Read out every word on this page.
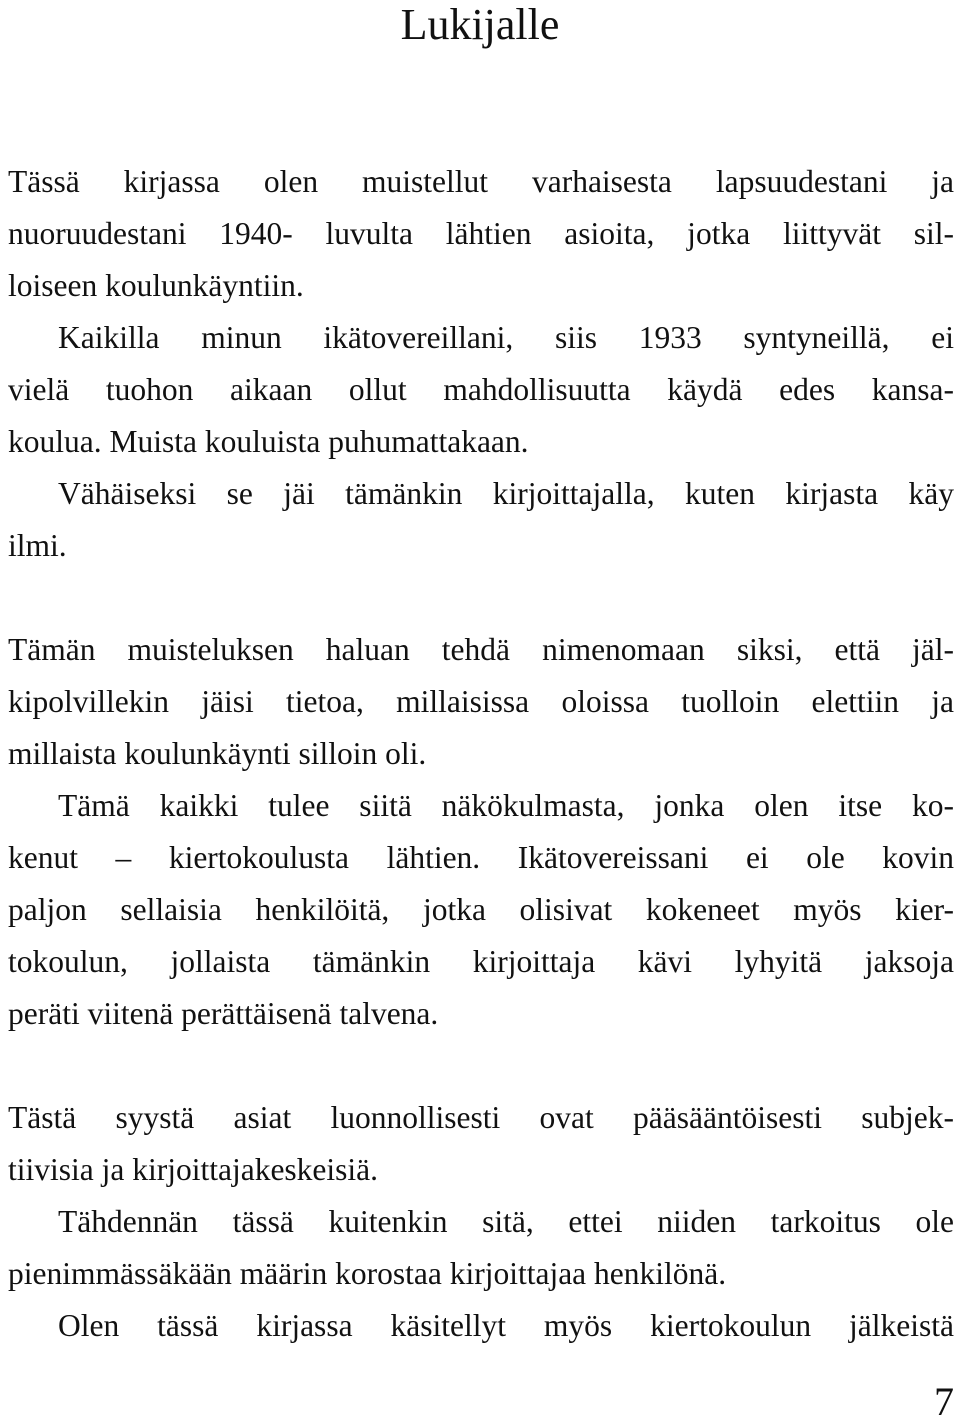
Lukijalle
Tässä kirjassa olen muistellut varhaisesta lapsuudestani ja
nuoruudestani 1940- luvulta lähtien asioita, jotka liittyvät sil-
loiseen koulunkäyntiin.
Kaikilla minun ikätovereillani, siis 1933 syntyneillä, ei
vielä tuohon aikaan ollut mahdollisuutta käydä edes kansa-
koulua. Muista kouluista puhumattakaan.
Vähäiseksi se jäi tämänkin kirjoittajalla, kuten kirjasta käy
ilmi.
Tämän muisteluksen haluan tehdä nimenomaan siksi, että jäl-
kipolvillekin jäisi tietoa, millaisissa oloissa tuolloin elettiin ja
millaista koulunkäynti silloin oli.
Tämä kaikki tulee siitä näkökulmasta, jonka olen itse ko-
kenut – kiertokoulusta lähtien. Ikätovereissani ei ole kovin
paljon sellaisia henkilöitä, jotka olisivat kokeneet myös kier-
tokoulun, jollaista tämänkin kirjoittaja kävi lyhyitä jaksoja
peräti viitenä perättäisenä talvena.
Tästä syystä asiat luonnollisesti ovat pääsääntöisesti subjek-
tiivisia ja kirjoittajakeskeisiä.
Tähdennän tässä kuitenkin sitä, ettei niiden tarkoitus ole
pienimmässäkään määrin korostaa kirjoittajaa henkilönä.
Olen tässä kirjassa käsitellyt myös kiertokoulun jälkeistä
7
